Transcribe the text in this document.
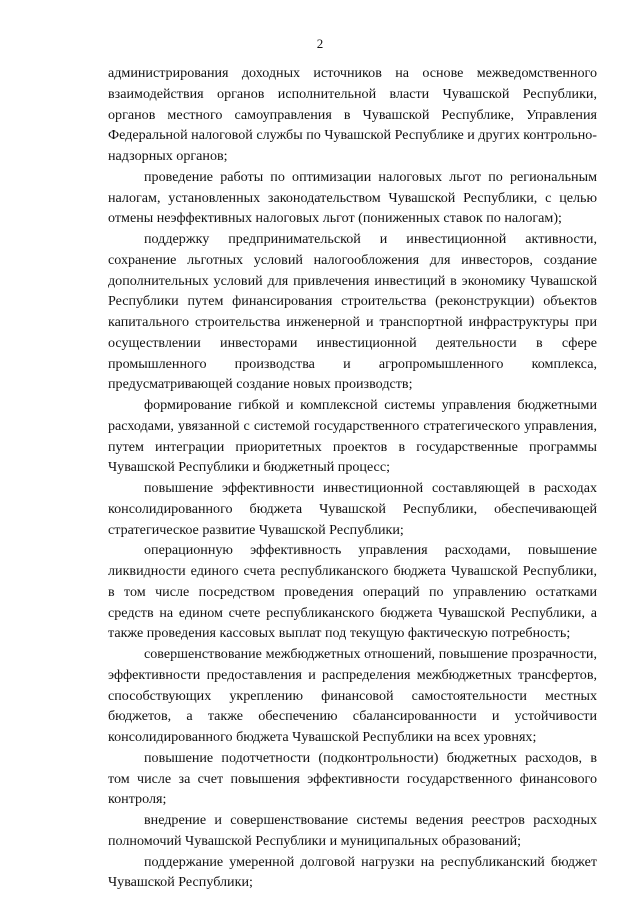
2

администрирования доходных источников на основе межведомственного взаимодействия органов исполнительной власти Чувашской Республики, органов местного самоуправления в Чувашской Республике, Управления Федеральной налоговой службы по Чувашской Республике и других контрольно-надзорных органов;

проведение работы по оптимизации налоговых льгот по региональным налогам, установленных законодательством Чувашской Республики, с целью отмены неэффективных налоговых льгот (пониженных ставок по налогам);

поддержку предпринимательской и инвестиционной активности, сохранение льготных условий налогообложения для инвесторов, создание дополнительных условий для привлечения инвестиций в экономику Чувашской Республики путем финансирования строительства (реконструкции) объектов капитального строительства инженерной и транспортной инфраструктуры при осуществлении инвесторами инвестиционной деятельности в сфере промышленного производства и агропромышленного комплекса, предусматривающей создание новых производств;

формирование гибкой и комплексной системы управления бюджетными расходами, увязанной с системой государственного стратегического управления, путем интеграции приоритетных проектов в государственные программы Чувашской Республики и бюджетный процесс;

повышение эффективности инвестиционной составляющей в расходах консолидированного бюджета Чувашской Республики, обеспечивающей стратегическое развитие Чувашской Республики;

операционную эффективность управления расходами, повышение ликвидности единого счета республиканского бюджета Чувашской Республики, в том числе посредством проведения операций по управлению остатками средств на едином счете республиканского бюджета Чувашской Республики, а также проведения кассовых выплат под текущую фактическую потребность;

совершенствование межбюджетных отношений, повышение прозрачности, эффективности предоставления и распределения межбюджетных трансфертов, способствующих укреплению финансовой самостоятельности местных бюджетов, а также обеспечению сбалансированности и устойчивости консолидированного бюджета Чувашской Республики на всех уровнях;

повышение подотчетности (подконтрольности) бюджетных расходов, в том числе за счет повышения эффективности государственного финансового контроля;

внедрение и совершенствование системы ведения реестров расходных полномочий Чувашской Республики и муниципальных образований;

поддержание умеренной долговой нагрузки на республиканский бюджет Чувашской Республики;
